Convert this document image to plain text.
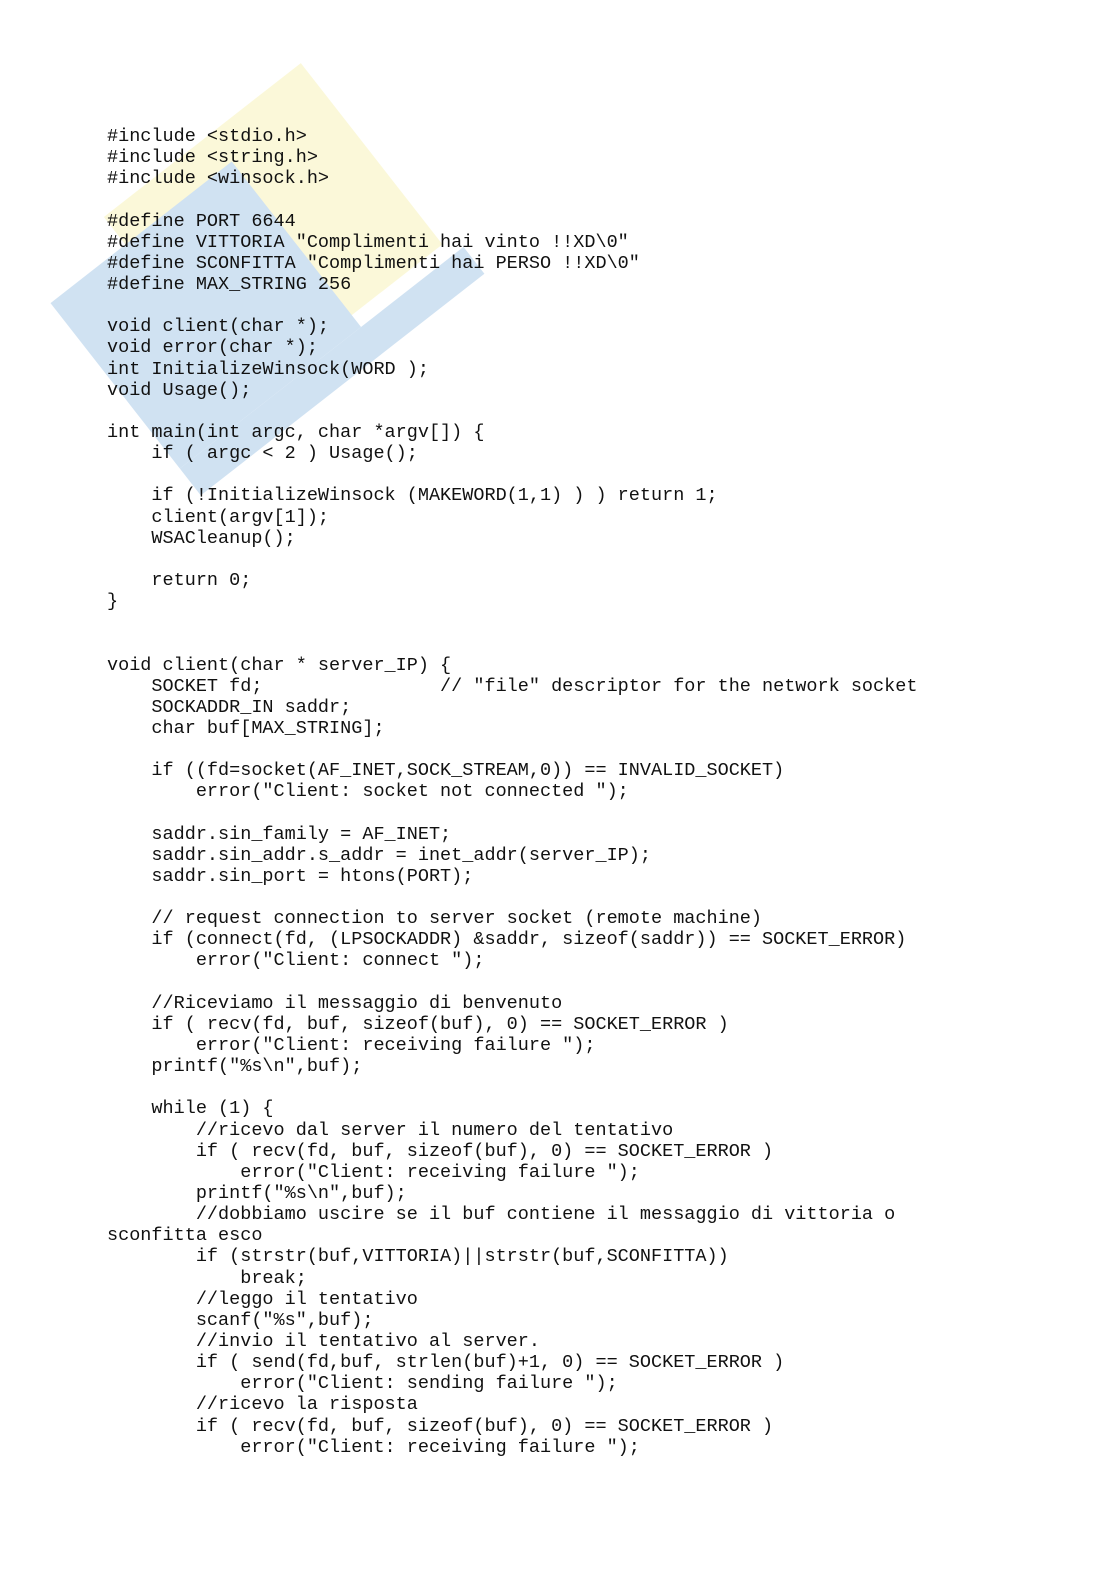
#include <stdio.h>
#include <string.h>
#include <winsock.h>
#define PORT 6644
#define VITTORIA "Complimenti hai vinto !!XD\0"
#define SCONFITTA "Complimenti hai PERSO !!XD\0"
#define MAX_STRING 256
void client(char *);
void error(char *);
int InitializeWinsock(WORD );
void Usage();
int main(int argc, char *argv[]) {
if ( argc < 2 ) Usage();
if (!InitializeWinsock (MAKEWORD(1,1) ) ) return 1;
client(argv[1]);
WSACleanup();
return 0;
}
void client(char * server_IP) {
SOCKET fd;                // "file" descriptor for the network socket
SOCKADDR_IN saddr;
char buf[MAX_STRING];
if ((fd=socket(AF_INET,SOCK_STREAM,0)) == INVALID_SOCKET)
error("Client: socket not connected ");
saddr.sin_family = AF_INET;
saddr.sin_addr.s_addr = inet_addr(server_IP);
saddr.sin_port = htons(PORT);
// request connection to server socket (remote machine)
if (connect(fd, (LPSOCKADDR) &saddr, sizeof(saddr)) == SOCKET_ERROR)
error("Client: connect ");
//Riceviamo il messaggio di benvenuto
if ( recv(fd, buf, sizeof(buf), 0) == SOCKET_ERROR )
error("Client: receiving failure ");
printf("%s\n",buf);
while (1) {
//ricevo dal server il numero del tentativo
if ( recv(fd, buf, sizeof(buf), 0) == SOCKET_ERROR )
error("Client: receiving failure ");
printf("%s\n",buf);
//dobbiamo uscire se il buf contiene il messaggio di vittoria o
sconfitta esco
if (strstr(buf,VITTORIA)||strstr(buf,SCONFITTA))
break;
//leggo il tentativo
scanf("%s",buf);
//invio il tentativo al server.
if ( send(fd,buf, strlen(buf)+1, 0) == SOCKET_ERROR )
error("Client: sending failure ");
//ricevo la risposta
if ( recv(fd, buf, sizeof(buf), 0) == SOCKET_ERROR )
error("Client: receiving failure ");
